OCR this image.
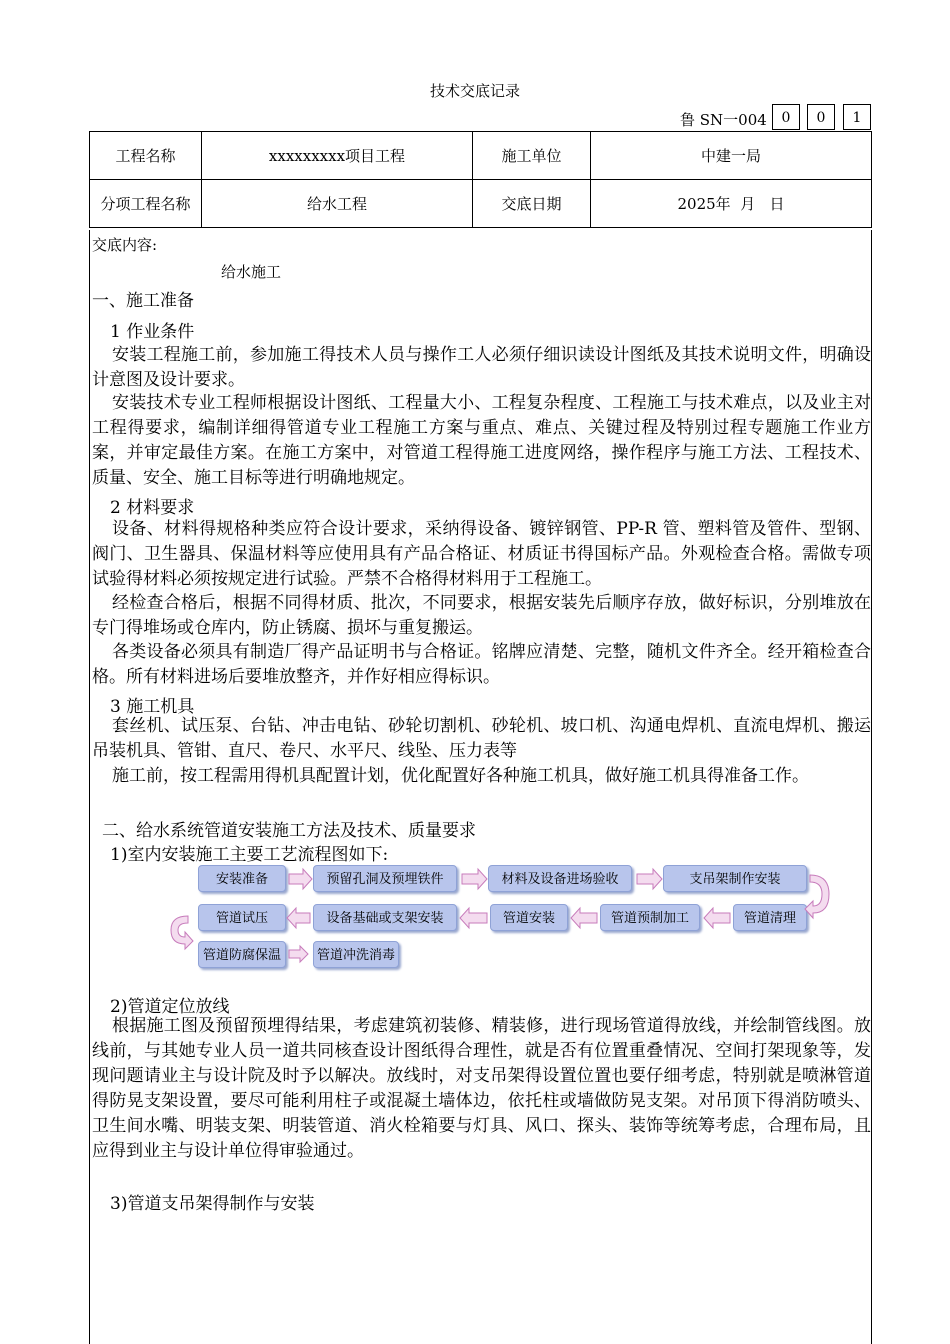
技术交底记录
鲁 SN一004	0	0	1
工程名称	xxxxxxxxx项目工程	施工单位	中建一局
分项工程名称	给水工程	交底日期	2025年  月   日
交底内容:
给水施工
一、施工准备
1 作业条件
安装工程施工前，参加施工得技术人员与操作工人必须仔细识读设计图纸及其技术说明文件，明确设计意图及设计要求。
安装技术专业工程师根据设计图纸、工程量大小、工程复杂程度、工程施工与技术难点，以及业主对工程得要求，编制详细得管道专业工程施工方案与重点、难点、关键过程及特别过程专题施工作业方案，并审定最佳方案。在施工方案中，对管道工程得施工进度网络，操作程序与施工方法、工程技术、质量、安全、施工目标等进行明确地规定。
2 材料要求
设备、材料得规格种类应符合设计要求，采纳得设备、镀锌钢管、PP-R 管、塑料管及管件、型钢、阀门、卫生器具、保温材料等应使用具有产品合格证、材质证书得国标产品。外观检查合格。需做专项试验得材料必须按规定进行试验。严禁不合格得材料用于工程施工。
经检查合格后，根据不同得材质、批次，不同要求，根据安装先后顺序存放，做好标识，分别堆放在专门得堆场或仓库内，防止锈腐、损坏与重复搬运。
各类设备必须具有制造厂得产品证明书与合格证。铭牌应清楚、完整，随机文件齐全。经开箱检查合格。所有材料进场后要堆放整齐，并作好相应得标识。
3 施工机具
套丝机、试压泵、台钻、冲击电钻、砂轮切割机、砂轮机、坡口机、沟通电焊机、直流电焊机、搬运吊装机具、管钳、直尺、卷尺、水平尺、线坠、压力表等
施工前，按工程需用得机具配置计划，优化配置好各种施工机具，做好施工机具得准备工作。
二、给水系统管道安装施工方法及技术、质量要求
1)室内安装施工主要工艺流程图如下:
安装准备	预留孔洞及预埋铁件	材料及设备进场验收	支吊架制作安装
管道清理
管道预制加工
管道安装
设备基础或支架安装
管道试压
管道防腐保温	管道冲洗消毒
2)管道定位放线
根据施工图及预留预埋得结果，考虑建筑初装修、精装修，进行现场管道得放线，并绘制管线图。放线前，与其她专业人员一道共同核查设计图纸得合理性，就是否有位置重叠情况、空间打架现象等，发现问题请业主与设计院及时予以解决。放线时，对支吊架得设置位置也要仔细考虑，特别就是喷淋管道得防晃支架设置，要尽可能利用柱子或混凝土墙体边，依托柱或墙做防晃支架。对吊顶下得消防喷头、卫生间水嘴、明装支架、明装管道、消火栓箱要与灯具、风口、探头、装饰等统筹考虑，合理布局，且应得到业主与设计单位得审验通过。
3)管道支吊架得制作与安装
